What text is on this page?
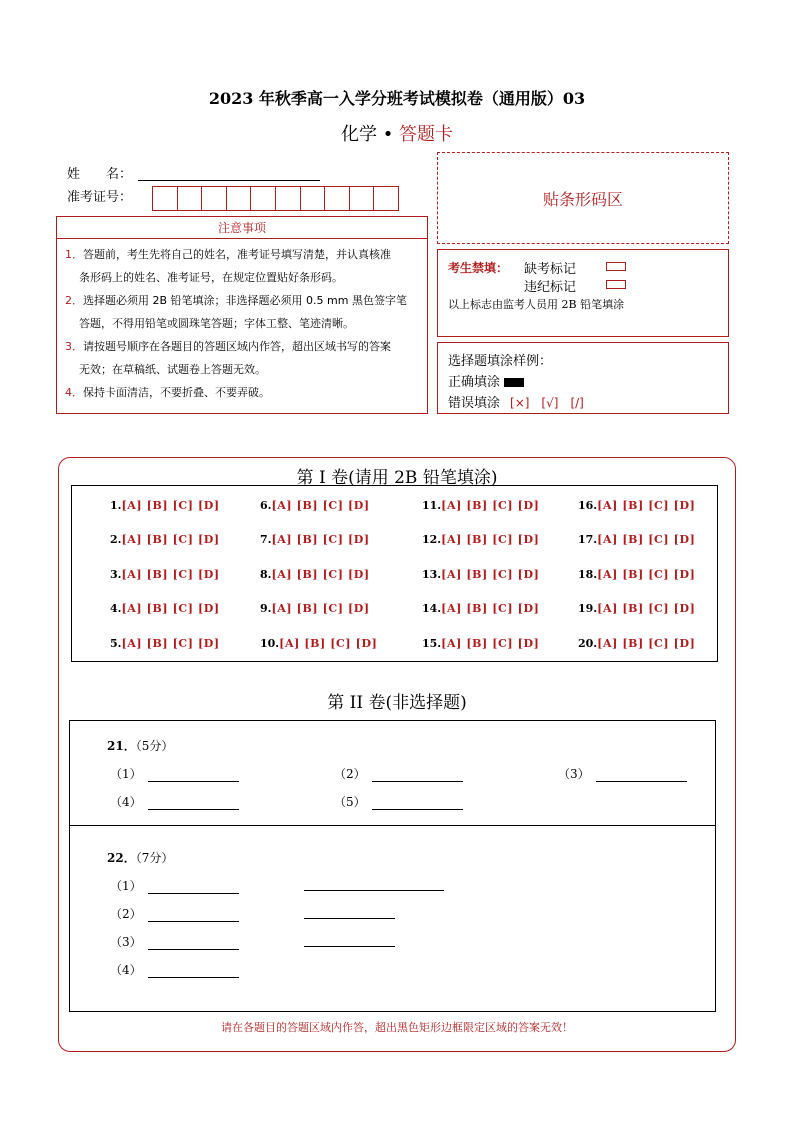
2023 年秋季高一入学分班考试模拟卷（通用版）03
化学 • 答题卡
姓　　名：
准考证号：	贴条形码区
注意事项
1．答题前，考生先将自己的姓名，准考证号填写清楚，并认真核准
条形码上的姓名、准考证号，在规定位置贴好条形码。
2．选择题必须用 2B 铅笔填涂；非选择题必须用 0.5 mm 黑色签字笔
答题，不得用铅笔或圆珠笔答题；字体工整、笔迹清晰。
3．请按题号顺序在各题目的答题区域内作答，超出区域书写的答案
无效；在草稿纸、试题卷上答题无效。
4．保持卡面清洁，不要折叠、不要弄破。
考生禁填： 缺考标记
违纪标记
以上标志由监考人员用 2B 铅笔填涂
选择题填涂样例：
正确填涂
错误填涂 [×]　[√]　[/]
第 I 卷(请用 2B 铅笔填涂)
1.[A] [B] [C] [D]
2.[A] [B] [C] [D]
3.[A] [B] [C] [D]
4.[A] [B] [C] [D]
5.[A] [B] [C] [D]
6.[A] [B] [C] [D]
7.[A] [B] [C] [D]
8.[A] [B] [C] [D]
9.[A] [B] [C] [D]
10.[A] [B] [C] [D]
11.[A] [B] [C] [D]
12.[A] [B] [C] [D]
13.[A] [B] [C] [D]
14.[A] [B] [C] [D]
15.[A] [B] [C] [D]
16.[A] [B] [C] [D]
17.[A] [B] [C] [D]
18.[A] [B] [C] [D]
19.[A] [B] [C] [D]
20.[A] [B] [C] [D]
第 II 卷(非选择题)
21．（5分）
（1）	（2）	（3）
（4）	（5）
22．（7分）
（1）
（2）
（3）
（4）
请在各题目的答题区域内作答，超出黑色矩形边框限定区域的答案无效！
